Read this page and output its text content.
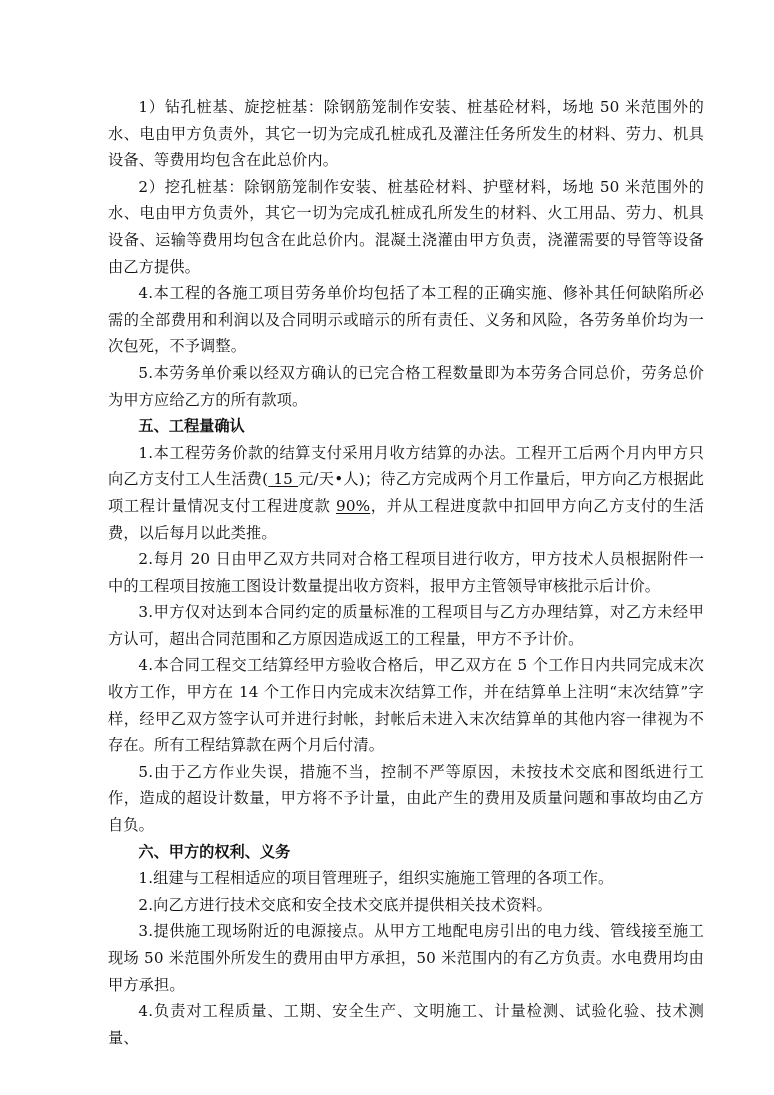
1）钻孔桩基、旋挖桩基：除钢筋笼制作安装、桩基砼材料，场地 50 米范围外的水、电由甲方负责外，其它一切为完成孔桩成孔及灌注任务所发生的材料、劳力、机具设备、等费用均包含在此总价内。

2）挖孔桩基：除钢筋笼制作安装、桩基砼材料、护壁材料，场地 50 米范围外的水、电由甲方负责外，其它一切为完成孔桩成孔所发生的材料、火工用品、劳力、机具设备、运输等费用均包含在此总价内。混凝土浇灌由甲方负责，浇灌需要的导管等设备由乙方提供。

4.本工程的各施工项目劳务单价均包括了本工程的正确实施、修补其任何缺陷所必需的全部费用和利润以及合同明示或暗示的所有责任、义务和风险，各劳务单价均为一次包死，不予调整。

5.本劳务单价乘以经双方确认的已完合格工程数量即为本劳务合同总价，劳务总价为甲方应给乙方的所有款项。

五、工程量确认

1.本工程劳务价款的结算支付采用月收方结算的办法。工程开工后两个月内甲方只向乙方支付工人生活费( 15 元/天•人)；待乙方完成两个月工作量后，甲方向乙方根据此项工程计量情况支付工程进度款 90%，并从工程进度款中扣回甲方向乙方支付的生活费，以后每月以此类推。

2.每月 20 日由甲乙双方共同对合格工程项目进行收方，甲方技术人员根据附件一中的工程项目按施工图设计数量提出收方资料，报甲方主管领导审核批示后计价。

3.甲方仅对达到本合同约定的质量标准的工程项目与乙方办理结算，对乙方未经甲方认可，超出合同范围和乙方原因造成返工的工程量，甲方不予计价。

4.本合同工程交工结算经甲方验收合格后，甲乙双方在 5 个工作日内共同完成末次收方工作，甲方在 14 个工作日内完成末次结算工作，并在结算单上注明“末次结算”字样，经甲乙双方签字认可并进行封帐，封帐后未进入末次结算单的其他内容一律视为不存在。所有工程结算款在两个月后付清。

5.由于乙方作业失误，措施不当，控制不严等原因，未按技术交底和图纸进行工作，造成的超设计数量，甲方将不予计量，由此产生的费用及质量问题和事故均由乙方自负。

六、甲方的权利、义务

1.组建与工程相适应的项目管理班子，组织实施施工管理的各项工作。

2.向乙方进行技术交底和安全技术交底并提供相关技术资料。

3.提供施工现场附近的电源接点。从甲方工地配电房引出的电力线、管线接至施工现场 50 米范围外所发生的费用由甲方承担，50 米范围内的有乙方负责。水电费用均由甲方承担。

4.负责对工程质量、工期、安全生产、文明施工、计量检测、试验化验、技术测量、
